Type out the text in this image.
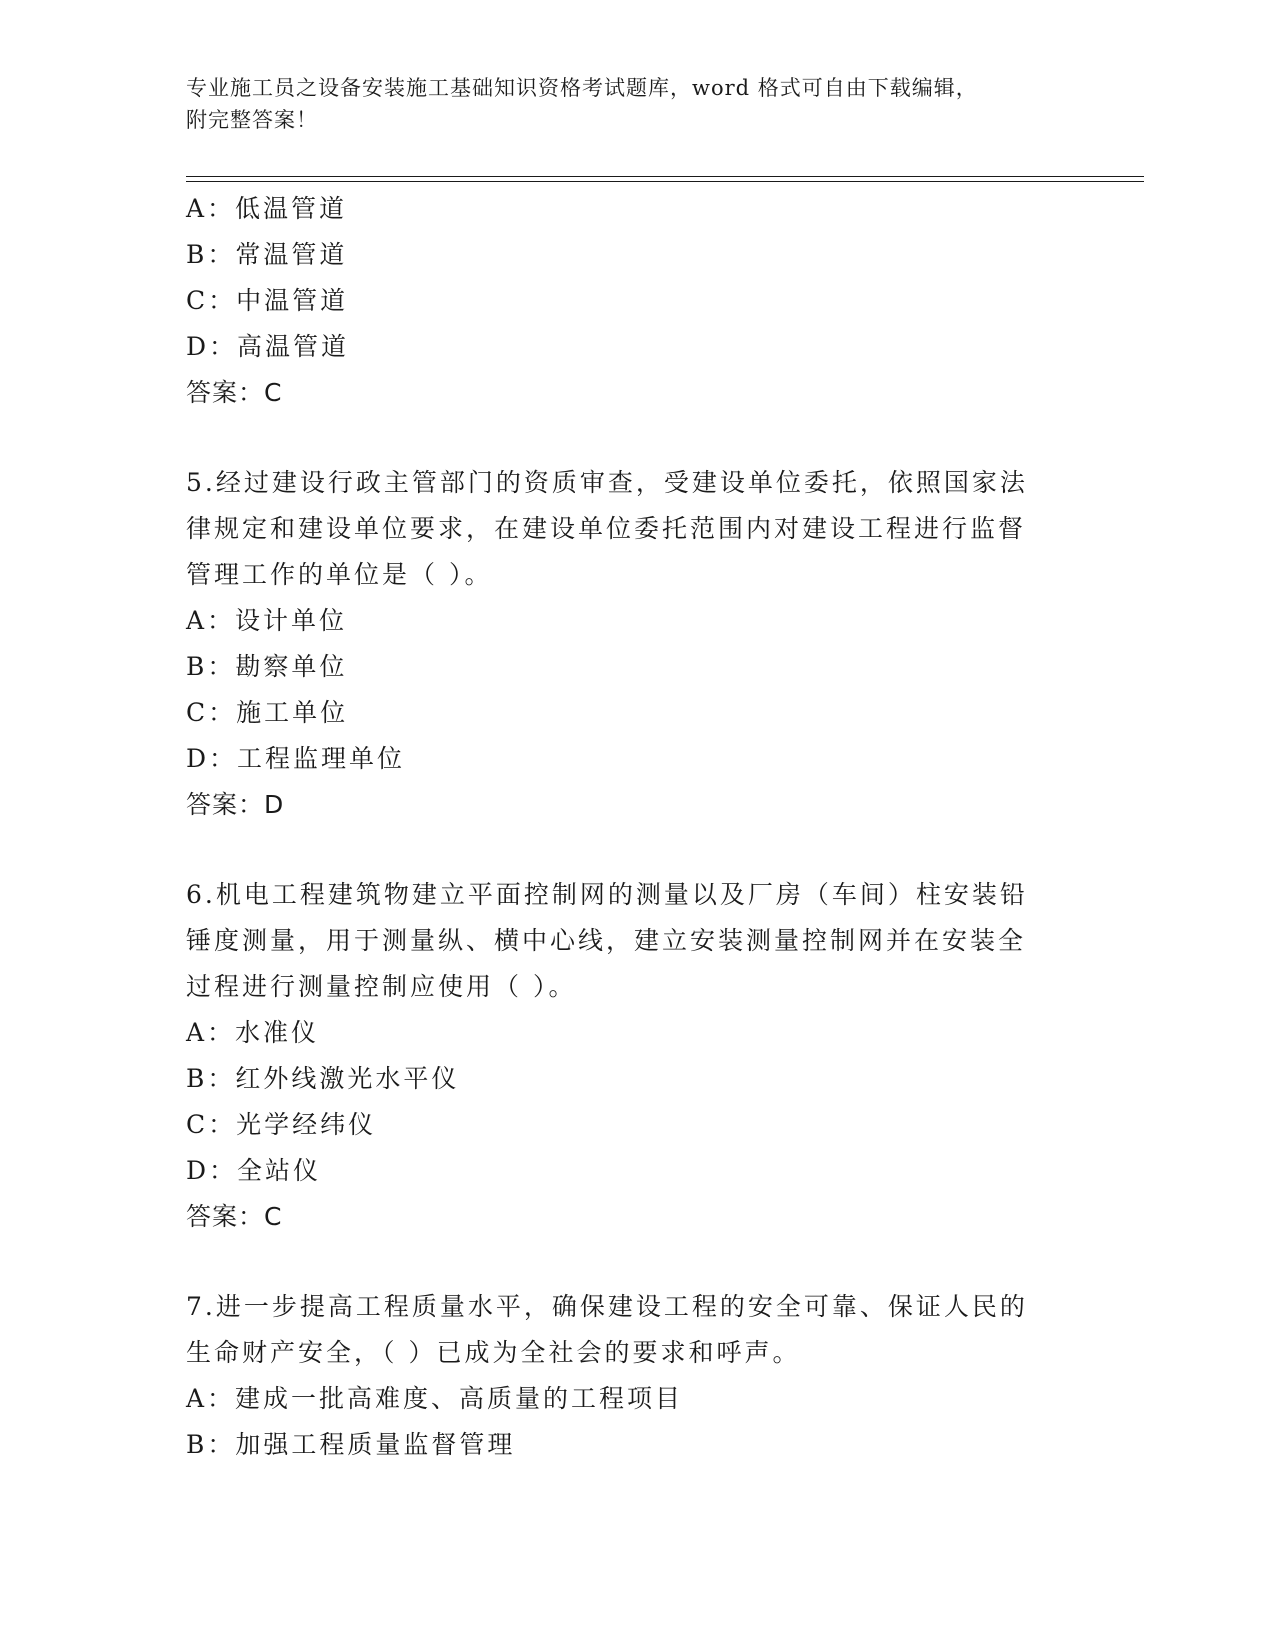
专业施工员之设备安装施工基础知识资格考试题库，word 格式可自由下载编辑，
附完整答案！
A：低温管道
B：常温管道
C：中温管道
D：高温管道
答案：C
5.经过建设行政主管部门的资质审查，受建设单位委托，依照国家法
律规定和建设单位要求，在建设单位委托范围内对建设工程进行监督
管理工作的单位是（ ）。
A：设计单位
B：勘察单位
C：施工单位
D：工程监理单位
答案：D
6.机电工程建筑物建立平面控制网的测量以及厂房（车间）柱安装铅
锤度测量，用于测量纵、横中心线，建立安装测量控制网并在安装全
过程进行测量控制应使用（ ）。
A：水准仪
B：红外线激光水平仪
C：光学经纬仪
D：全站仪
答案：C
7.进一步提高工程质量水平，确保建设工程的安全可靠、保证人民的
生命财产安全，（ ）已成为全社会的要求和呼声。
A：建成一批高难度、高质量的工程项目
B：加强工程质量监督管理
